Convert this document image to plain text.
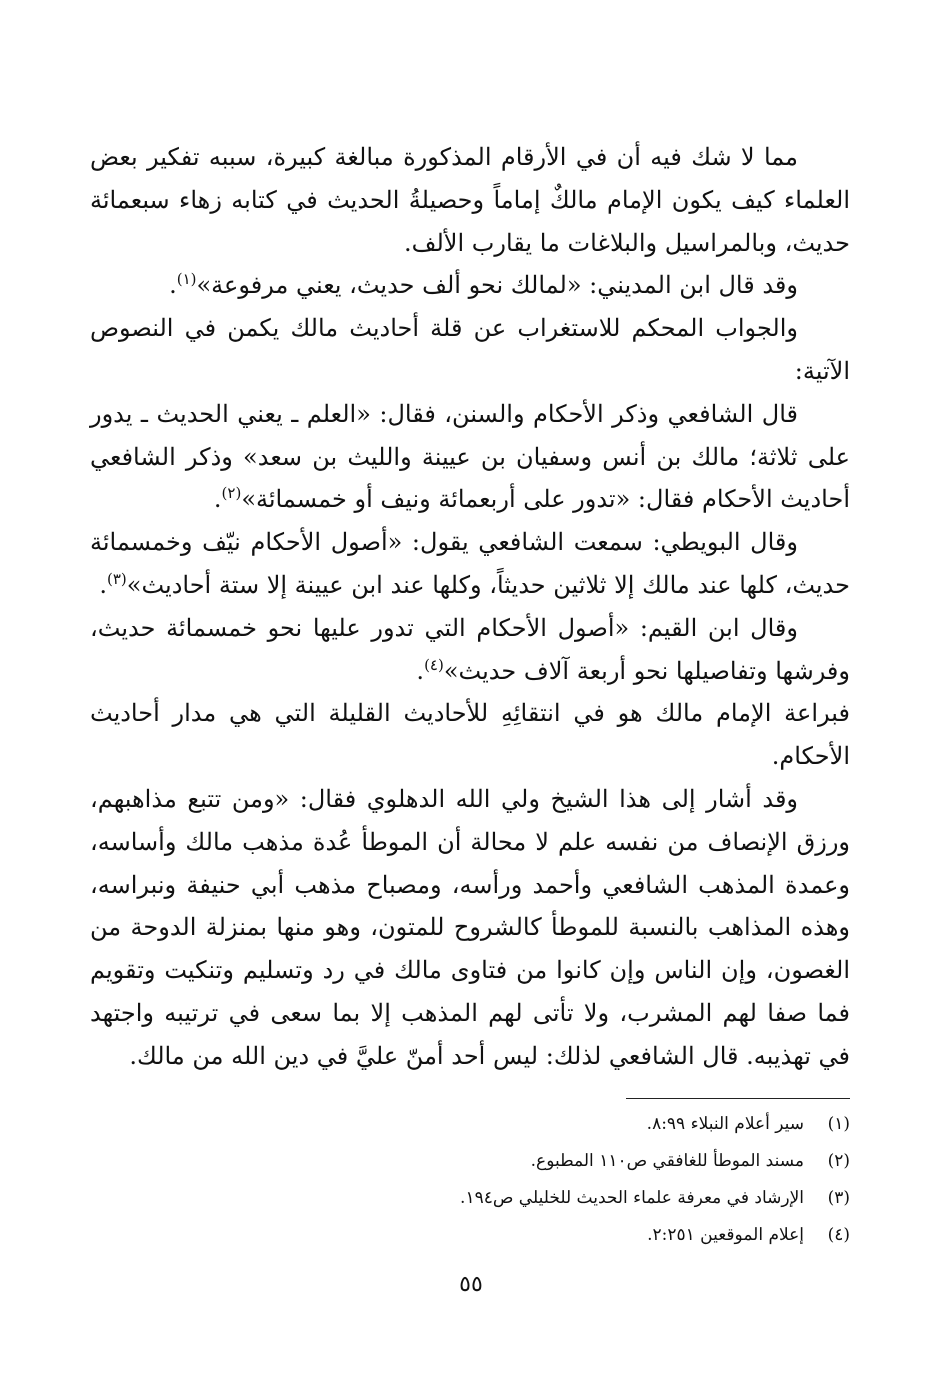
مما لا شك فيه أن في الأرقام المذكورة مبالغة كبيرة، سببه تفكير بعض العلماء كيف يكون الإمام مالكٌ إماماً وحصيلةُ الحديث في كتابه زهاء سبعمائة حديث، وبالمراسيل والبلاغات ما يقارب الألف.

وقد قال ابن المديني: «لمالك نحو ألف حديث، يعني مرفوعة»$^{(١)}$.

والجواب المحكم للاستغراب عن قلة أحاديث مالك يكمن في النصوص الآتية:

قال الشافعي وذكر الأحكام والسنن، فقال: «العلم ـ يعني الحديث ـ يدور على ثلاثة؛ مالك بن أنس وسفيان بن عيينة والليث بن سعد» وذكر الشافعي أحاديث الأحكام فقال: «تدور على أربعمائة ونيف أو خمسمائة»$^{(٢)}$.

وقال البويطي: سمعت الشافعي يقول: «أصول الأحكام نيّف وخمسمائة حديث، كلها عند مالك إلا ثلاثين حديثاً، وكلها عند ابن عيينة إلا ستة أحاديث»$^{(٣)}$.

وقال ابن القيم: «أصول الأحكام التي تدور عليها نحو خمسمائة حديث، وفرشها وتفاصيلها نحو أربعة آلاف حديث»$^{(٤)}$.

فبراعة الإمام مالك هو في انتقائِهِ للأحاديث القليلة التي هي مدار أحاديث الأحكام.

وقد أشار إلى هذا الشيخ ولي الله الدهلوي فقال: «ومن تتبع مذاهبهم، ورزق الإنصاف من نفسه علم لا محالة أن الموطأ عُدة مذهب مالك وأساسه، وعمدة المذهب الشافعي وأحمد ورأسه، ومصباح مذهب أبي حنيفة ونبراسه، وهذه المذاهب بالنسبة للموطأ كالشروح للمتون، وهو منها بمنزلة الدوحة من الغصون، وإن الناس وإن كانوا من فتاوى مالك في رد وتسليم وتنكيت وتقويم فما صفا لهم المشرب، ولا تأتى لهم المذهب إلا بما سعى في ترتيبه واجتهد في تهذيبه. قال الشافعي لذلك: ليس أحد أمنّ عليَّ في دين الله من مالك.

(١)
سير أعلام النبلاء ٨:٩٩.
(٢)
مسند الموطأ للغافقي ص١١٠ المطبوع.
(٣)
الإرشاد في معرفة علماء الحديث للخليلي ص١٩٤.
(٤)
إعلام الموقعين ٢:٢٥١.
٥٥
